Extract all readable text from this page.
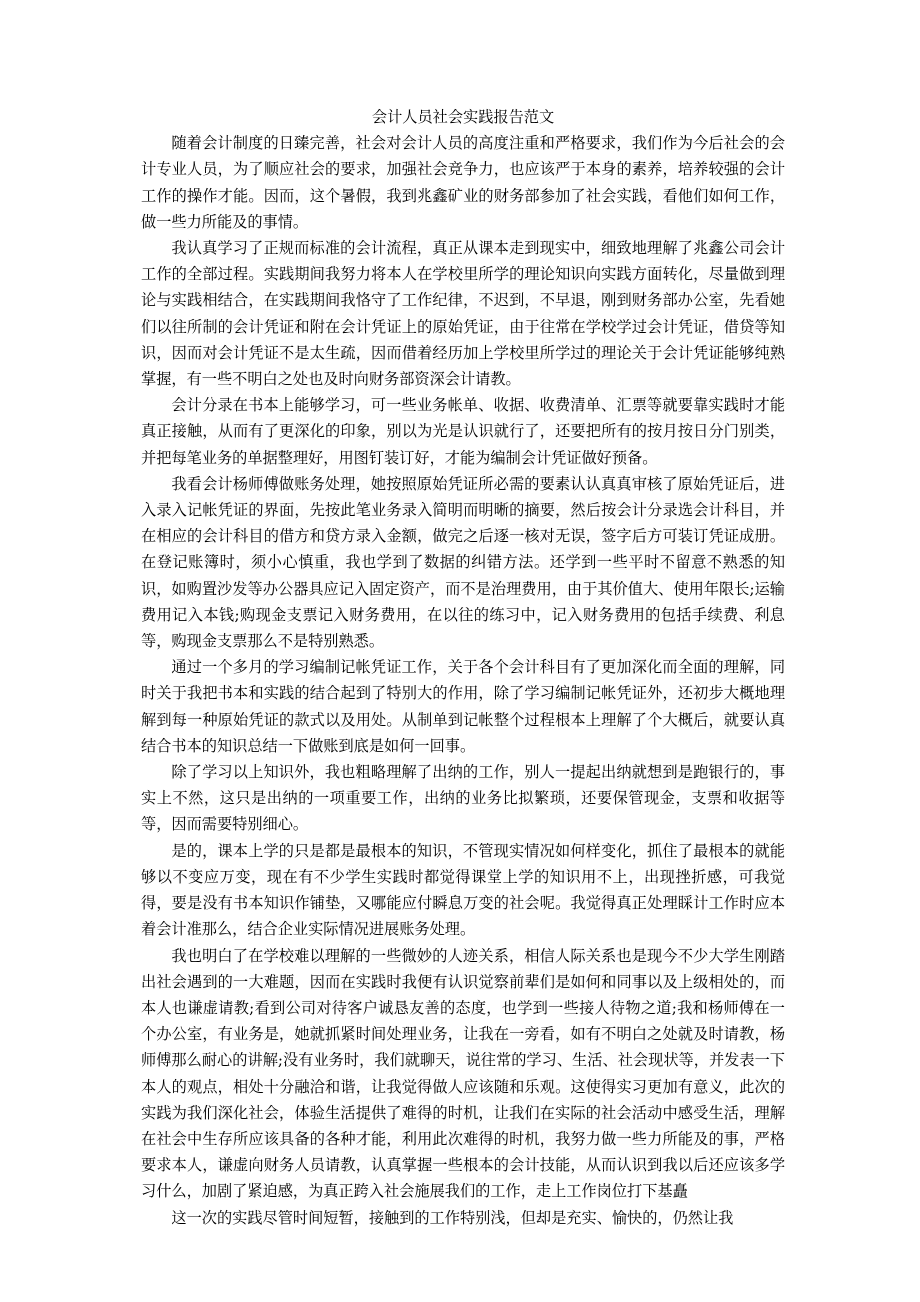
会计人员社会实践报告范文

随着会计制度的日臻完善，社会对会计人员的高度注重和严格要求，我们作为今后社会的会计专业人员，为了顺应社会的要求，加强社会竞争力，也应该严于本身的素养，培养较强的会计工作的操作才能。因而，这个暑假，我到兆鑫矿业的财务部参加了社会实践，看他们如何工作，做一些力所能及的事情。

我认真学习了正规而标准的会计流程，真正从课本走到现实中，细致地理解了兆鑫公司会计工作的全部过程。实践期间我努力将本人在学校里所学的理论知识向实践方面转化，尽量做到理论与实践相结合，在实践期间我恪守了工作纪律，不迟到，不早退，刚到财务部办公室，先看她们以往所制的会计凭证和附在会计凭证上的原始凭证，由于往常在学校学过会计凭证，借贷等知识，因而对会计凭证不是太生疏，因而借着经历加上学校里所学过的理论关于会计凭证能够纯熟掌握，有一些不明白之处也及时向财务部资深会计请教。

会计分录在书本上能够学习，可一些业务帐单、收据、收费清单、汇票等就要靠实践时才能真正接触，从而有了更深化的印象，别以为光是认识就行了，还要把所有的按月按日分门别类，并把每笔业务的单据整理好，用图钉装订好，才能为编制会计凭证做好预备。

我看会计杨师傅做账务处理，她按照原始凭证所必需的要素认认真真审核了原始凭证后，进入录入记帐凭证的界面，先按此笔业务录入简明而明晰的摘要，然后按会计分录选会计科目，并在相应的会计科目的借方和贷方录入金额，做完之后逐一核对无误，签字后方可装订凭证成册。在登记账簿时，须小心慎重，我也学到了数据的纠错方法。还学到一些平时不留意不熟悉的知识，如购置沙发等办公器具应记入固定资产，而不是治理费用，由于其价值大、使用年限长;运输费用记入本钱;购现金支票记入财务费用，在以往的练习中，记入财务费用的包括手续费、利息等，购现金支票那么不是特别熟悉。

通过一个多月的学习编制记帐凭证工作，关于各个会计科目有了更加深化而全面的理解，同时关于我把书本和实践的结合起到了特别大的作用，除了学习编制记帐凭证外，还初步大概地理解到每一种原始凭证的款式以及用处。从制单到记帐整个过程根本上理解了个大概后，就要认真结合书本的知识总结一下做账到底是如何一回事。

除了学习以上知识外，我也粗略理解了出纳的工作，别人一提起出纳就想到是跑银行的，事实上不然，这只是出纳的一项重要工作，出纳的业务比拟繁琐，还要保管现金，支票和收据等等，因而需要特别细心。

是的，课本上学的只是都是最根本的知识，不管现实情况如何样变化，抓住了最根本的就能够以不变应万变，现在有不少学生实践时都觉得课堂上学的知识用不上，出现挫折感，可我觉得，要是没有书本知识作铺垫，又哪能应付瞬息万变的社会呢。我觉得真正处理睬计工作时应本着会计准那么，结合企业实际情况进展账务处理。

我也明白了在学校难以理解的一些微妙的人迹关系，相信人际关系也是现今不少大学生刚踏出社会遇到的一大难题，因而在实践时我便有认识觉察前辈们是如何和同事以及上级相处的，而本人也谦虚请教;看到公司对待客户诚恳友善的态度，也学到一些接人待物之道;我和杨师傅在一个办公室，有业务是，她就抓紧时间处理业务，让我在一旁看，如有不明白之处就及时请教，杨师傅那么耐心的讲解;没有业务时，我们就聊天，说往常的学习、生活、社会现状等，并发表一下本人的观点，相处十分融洽和谐，让我觉得做人应该随和乐观。这使得实习更加有意义，此次的实践为我们深化社会，体验生活提供了难得的时机，让我们在实际的社会活动中感受生活，理解在社会中生存所应该具备的各种才能，利用此次难得的时机，我努力做一些力所能及的事，严格要求本人，谦虚向财务人员请教，认真掌握一些根本的会计技能，从而认识到我以后还应该多学习什么，加剧了紧迫感，为真正跨入社会施展我们的工作，走上工作岗位打下基矗

这一次的实践尽管时间短暂，接触到的工作特别浅，但却是充实、愉快的，仍然让我
